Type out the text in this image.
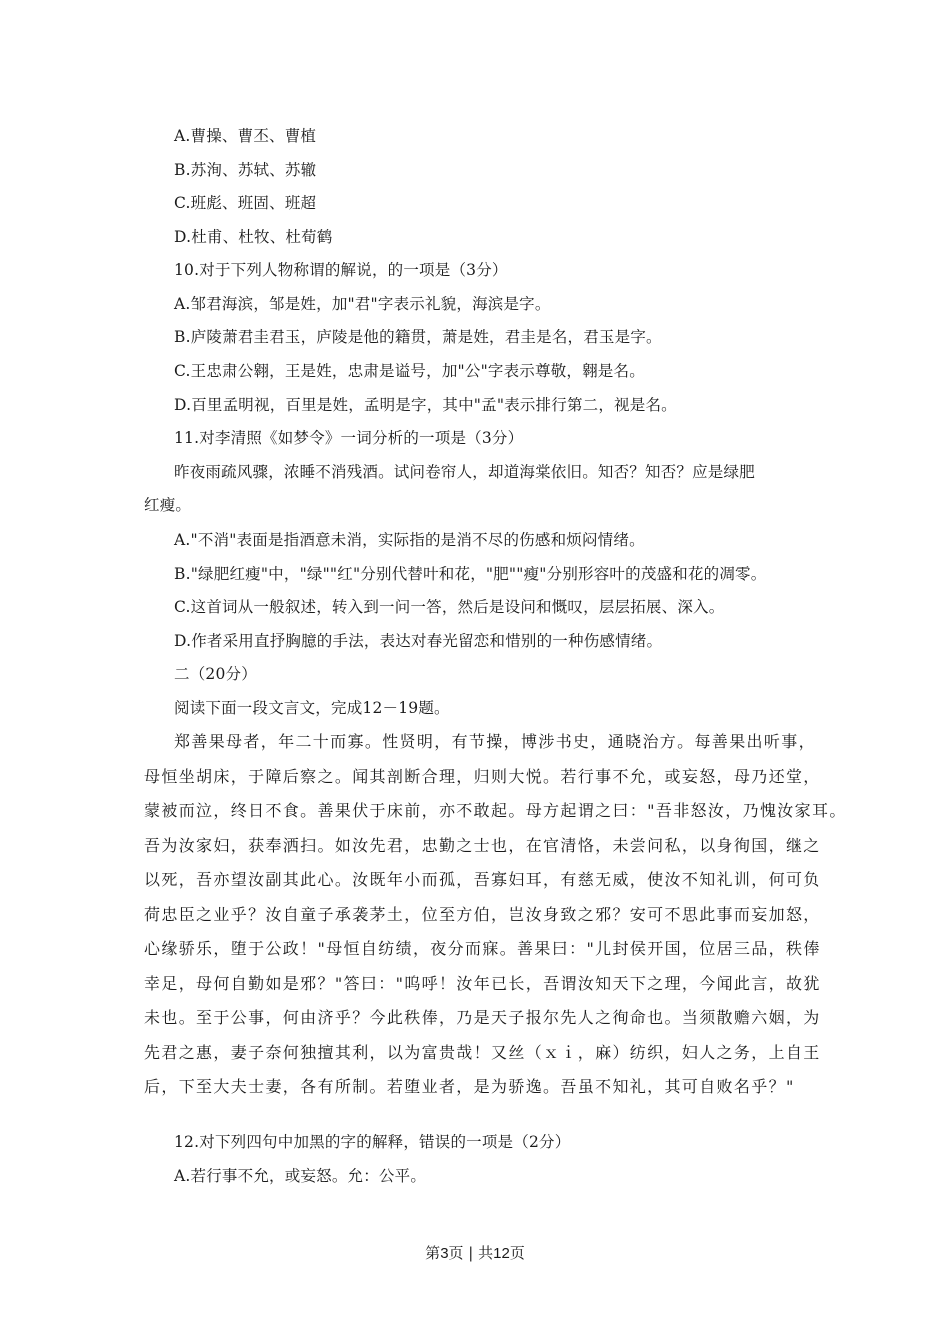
A.曹操、曹丕、曹植
B.苏洵、苏轼、苏辙
C.班彪、班固、班超
D.杜甫、杜牧、杜荀鹤
10.对于下列人物称谓的解说，的一项是（3分）
A.邹君海滨，邹是姓，加"君"字表示礼貌，海滨是字。
B.庐陵萧君圭君玉，庐陵是他的籍贯，萧是姓，君圭是名，君玉是字。
C.王忠肃公翱，王是姓，忠肃是谥号，加"公"字表示尊敬，翱是名。
D.百里孟明视，百里是姓，孟明是字，其中"孟"表示排行第二，视是名。
11.对李清照《如梦令》一词分析的一项是（3分）
昨夜雨疏风骤，浓睡不消残酒。试问卷帘人，却道海棠依旧。知否？知否？应是绿肥
红瘦。
A."不消"表面是指酒意未消，实际指的是消不尽的伤感和烦闷情绪。
B."绿肥红瘦"中，"绿""红"分别代替叶和花，"肥""瘦"分别形容叶的茂盛和花的凋零。
C.这首词从一般叙述，转入到一问一答，然后是设问和慨叹，层层拓展、深入。
D.作者采用直抒胸臆的手法，表达对春光留恋和惜别的一种伤感情绪。
二（20分）
阅读下面一段文言文，完成12－19题。
郑善果母者，年二十而寡。性贤明，有节操，博涉书史，通晓治方。每善果出听事，
母恒坐胡床，于障后察之。闻其剖断合理，归则大悦。若行事不允，或妄怒，母乃还堂，
蒙被而泣，终日不食。善果伏于床前，亦不敢起。母方起谓之曰："吾非怒汝，乃愧汝家耳。
吾为汝家妇，获奉洒扫。如汝先君，忠勤之士也，在官清恪，未尝问私，以身徇国，继之
以死，吾亦望汝副其此心。汝既年小而孤，吾寡妇耳，有慈无威，使汝不知礼训，何可负
荷忠臣之业乎？汝自童子承袭茅土，位至方伯，岂汝身致之邪？安可不思此事而妄加怒，
心缘骄乐，堕于公政！"母恒自纺绩，夜分而寐。善果曰："儿封侯开国，位居三品，秩俸
幸足，母何自勤如是邪？"答曰："呜呼！汝年已长，吾谓汝知天下之理，今闻此言，故犹
未也。至于公事，何由济乎？今此秩俸，乃是天子报尔先人之徇命也。当须散赡六姻，为
先君之惠，妻子奈何独擅其利，以为富贵哉！又丝（ｘｉ，麻）纺织，妇人之务，上自王
后，下至大夫士妻，各有所制。若堕业者，是为骄逸。吾虽不知礼，其可自败名乎？"
12.对下列四句中加黑的字的解释，错误的一项是（2分）
A.若行事不允，或妄怒。允：公平。
第3页 | 共12页
